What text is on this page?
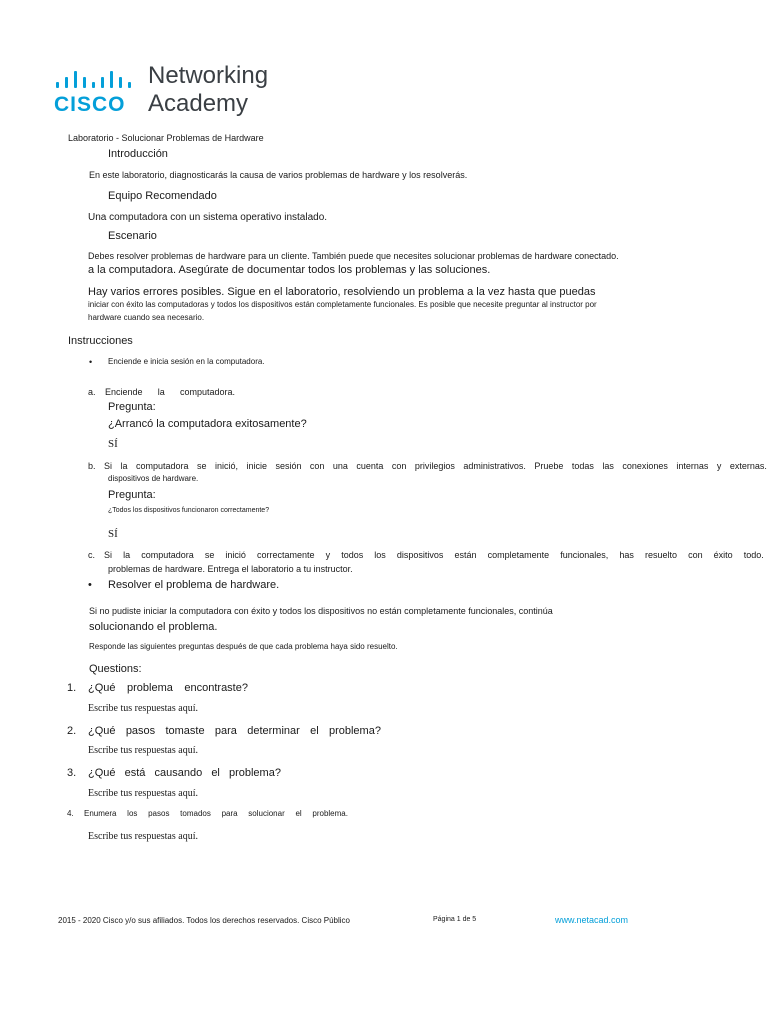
Networking
CISCO Academy
Laboratorio - Solucionar Problemas de Hardware
Introducción
En este laboratorio, diagnosticarás la causa de varios problemas de hardware y los resolverás.
Equipo Recomendado
Una computadora con un sistema operativo instalado.
Escenario
Debes resolver problemas de hardware para un cliente. También puede que necesites solucionar problemas de hardware conectado.
a la computadora. Asegúrate de documentar todos los problemas y las soluciones.
Hay varios errores posibles. Sigue en el laboratorio, resolviendo un problema a la vez hasta que puedas
iniciar con éxito las computadoras y todos los dispositivos están completamente funcionales. Es posible que necesite preguntar al instructor por
hardware cuando sea necesario.
Instrucciones
• Enciende e inicia sesión en la computadora.
a. Enciende la computadora.
Pregunta:
¿Arrancó la computadora exitosamente?
SÍ
b. Si la computadora se inició, inicie sesión con una cuenta con privilegios administrativos. Pruebe todas las conexiones internas y externas.
dispositivos de hardware.
Pregunta:
¿Todos los dispositivos funcionaron correctamente?
SÍ
c. Si la computadora se inició correctamente y todos los dispositivos están completamente funcionales, has resuelto con éxito todo.
problemas de hardware. Entrega el laboratorio a tu instructor.
• Resolver el problema de hardware.
Si no pudiste iniciar la computadora con éxito y todos los dispositivos no están completamente funcionales, continúa
solucionando el problema.
Responde las siguientes preguntas después de que cada problema haya sido resuelto.
Questions:
1. ¿Qué problema encontraste?
Escribe tus respuestas aquí.
2. ¿Qué pasos tomaste para determinar el problema?
Escribe tus respuestas aquí.
3. ¿Qué está causando el problema?
Escribe tus respuestas aquí.
4. Enumera los pasos tomados para solucionar el problema.
Escribe tus respuestas aquí.
2015 - 2020 Cisco y/o sus afiliados. Todos los derechos reservados. Cisco Público	Página 1 de 5	www.netacad.com
